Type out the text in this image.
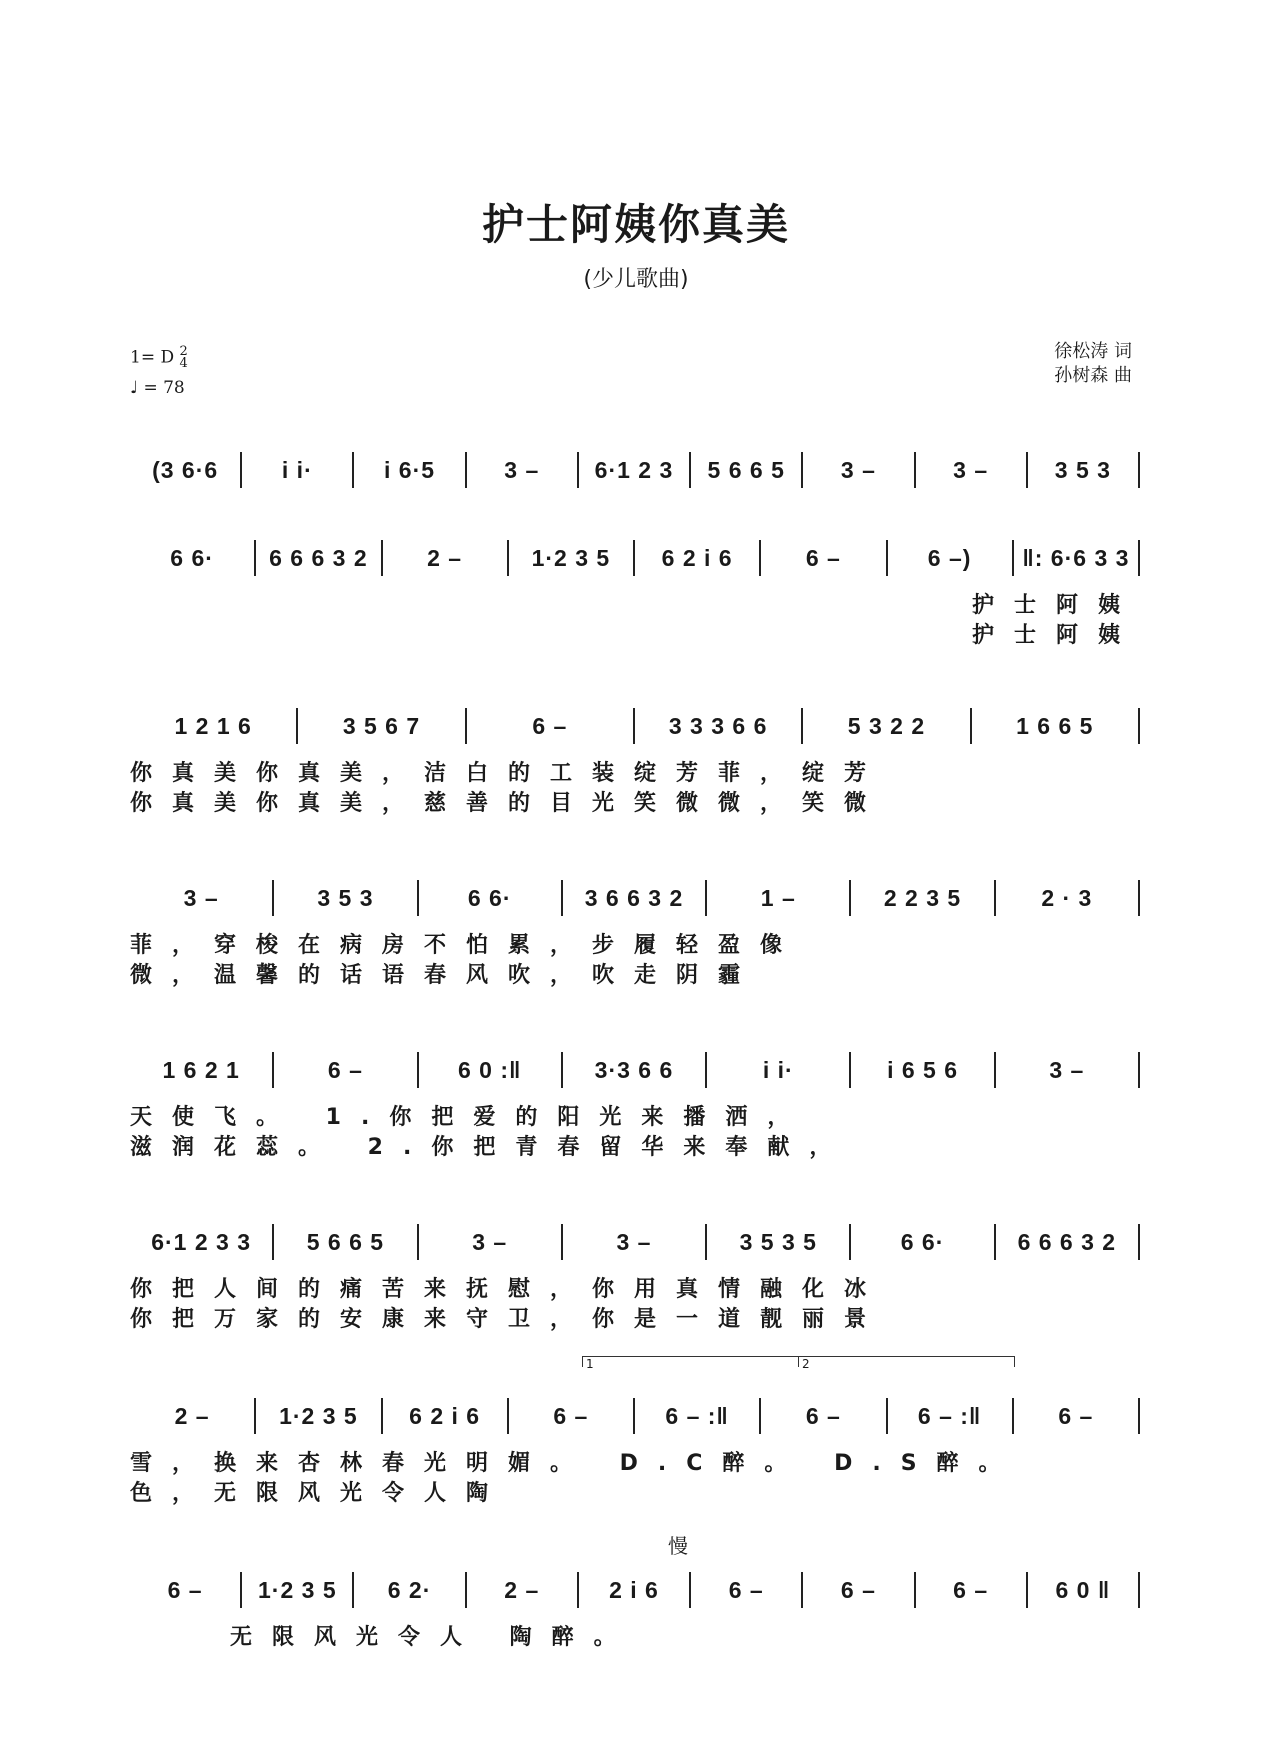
护士阿姨你真美
(少儿歌曲)
1= D 2
4
♩ = 78
徐松涛 词
孙树森 曲
(3 6·6	i i·	i 6·5	3 –	6·1 2 3	5 6 6 5	3 –	3 –	3 5 3
6 6·	6 6 6 3 2	2 –	1·2 3 5	6 2 i 6	6 –	6 –)	‖: 6·6 3 3
护士阿姨
护士阿姨
1 2 1 6	3 5 6 7	6 –	3 3 3 6 6	5 3 2 2	1 6 6 5
你真美你真美，洁白的工装绽芳菲，绽芳
你真美你真美，慈善的目光笑微微，笑微
3 –	3 5 3	6 6·	3 6 6 3 2	1 –	2 2 3 5	2 · 3
菲，穿梭在病房不怕累，步履轻盈像
微，温馨的话语春风吹，吹走阴霾
1 6 2 1	6 –	6 0 :‖	3·3 6 6	i i·	i 6 5 6	3 –
天使飞。 1.你把爱的阳光来播洒，
滋润花蕊。 2.你把青春留华来奉献，
6·1 2 3 3	5 6 6 5	3 –	3 –	3 5 3 5	6 6·	6 6 6 3 2
你把人间的痛苦来抚慰，你用真情融化冰
你把万家的安康来守卫，你是一道靓丽景
2 –	1·2 3 5	6 2 i 6	6 –	6 – :‖	6 –	6 – :‖	6 –
雪，换来杏林春光明媚。 D.C醉。 D.S醉。
色，无限风光令人陶
6 –	1·2 3 5	6 2·	2 –	2 i 6	6 –	6 –	6 –	6 0 ‖
无限风光令人 陶醉。
1	2
慢
